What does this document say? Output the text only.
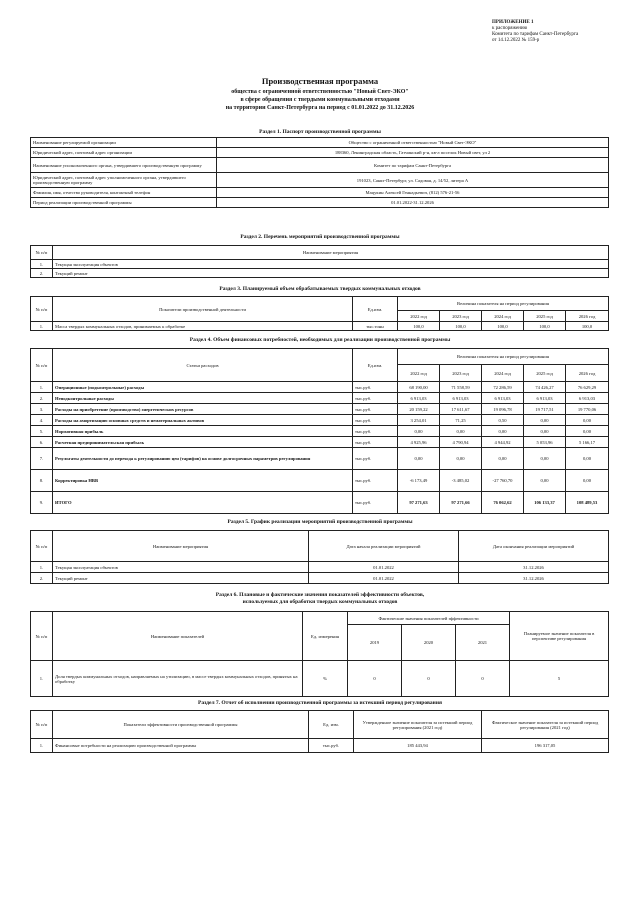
ПРИЛОЖЕНИЕ 1
к распоряжению
Комитета по тарифам Санкт-Петербурга
от 14.12.2022 № 159-р
Производственная программа
общества с ограниченной ответственностью "Новый Свет-ЭКО"
в сфере обращения с твердыми коммунальными отходами
на территории Санкт-Петербурга на период с 01.01.2022 до 31.12.2026
Раздел 1. Паспорт производственной программы
Наименование регулируемой организации	Общество с ограниченной ответственностью "Новый Свет-ЭКО"
Юридический адрес, почтовый адрес организации	188360, Ленинградская область, Гатчинский р-н, кв-л поселок Новый свет, ул 2
Наименование уполномоченного органа, утвердившего производственную программу	Комитет по тарифам Санкт-Петербурга
Юридический адрес, почтовый адрес уполномоченного органа, утвердившего производственную программу	191023, Санкт-Петербург, ул. Садовая, д. 14/52, литера А
Фамилия, имя, отчество руководителя, контактный телефон	Мацукин Алексей Геннадьевич, (812) 576-21-56
Период реализации производственной программы	01.01.2022-31.12.2026
Раздел 2. Перечень мероприятий производственной программы
№ п/п	Наименование мероприятия
1.	Текущая эксплуатация объектов
2.	Текущий ремонт
Раздел 3. Планируемый объем обрабатываемых твердых коммунальных отходов
№ п/п	Показатели производственной деятельности	Ед.изм.	Величина показателя на период регулирования				
			2022 год	2023 год	2024 год	2025 год	2026 год
1.	Масса твердых коммунальных отходов, принимаемых к обработке	тыс.тонн	100,0	100,0	100,0	100,0	100,0
Раздел 4. Объем финансовых потребностей, необходимых для реализации производственной программы
№ п/п	Статьи расходов	Ед.изм.	Величина показателя на период регулирования				
			2022 год	2023 год	2024 год	2025 год	2026 год
1.	Операционные (подконтрольные) расходы	тыс.руб.	68 190,00	71 558,59	72 286,59	74 426,27	76 629,29
2.	Неподконтрольные расходы	тыс.руб.	6 913,03	6 913,03	6 913,03	6 913,03	6 913,03
3.	Расходы на приобретение (производство) энергетических ресурсов	тыс.руб.	20 159,22	17 611,67	19 096,78	19 717,51	19 770,06
4.	Расходы на амортизацию основных средств и нематериальных активов	тыс.руб.	3 254,01	71,25	0,50	0,00	0,00
5.	Нормативная прибыль	тыс.руб.	0,00	0,00	0,00	0,00	0,00
6.	Расчетная предпринимательская прибыль	тыс.руб.	4 925,96	4 790,94	4 944,92	5 053,96	5 166,17
7.	Результаты деятельности до перехода к регулированию цен (тарифов) на основе долгосрочных параметров регулирования	тыс.руб.	0,00	0,00	0,00	0,00	0,00
8.	Корректировка НВВ	тыс.руб.	-6 173,49	-3 485,02	-27 760,70	0,00	0,00
9.	ИТОГО	тыс.руб.	97 271,63	97 271,66	76 062,62	106 133,37	108 489,53
Раздел 5. График реализации мероприятий производственной программы
№ п/п	Наименование мероприятия	Дата начала реализации мероприятий	Дата окончания реализации мероприятий
1.	Текущая эксплуатация объектов	01.01.2022	31.12.2026
2.	Текущий ремонт	01.01.2022	31.12.2026
Раздел 6. Плановые и фактические значения показателей эффективности объектов,
используемых для обработки твердых коммунальных отходов
№ п/п	Наименование показателей	Ед. измерения	Фактические значения показателей эффективности			Планируемое значение показателя в перспективе регулирования
			2019	2020	2021	
1.	Доля твердых коммунальных отходов, направляемых на утилизацию, в массе твердых коммунальных отходов, принятых на обработку	%	0	0	0	5
Раздел 7. Отчет об исполнении производственной программы за истекший период регулирования
№ п/п	Показатели эффективности производственной программы	Ед. изм.	Утвержденное значение показателя за истекший период регулирования (2021 год)	Фактическое значение показателя за истекший период регулирования (2021 год)
1.	Финансовые потребности на реализацию производственной программы	тыс.руб.	185 443,94	196 317,05
